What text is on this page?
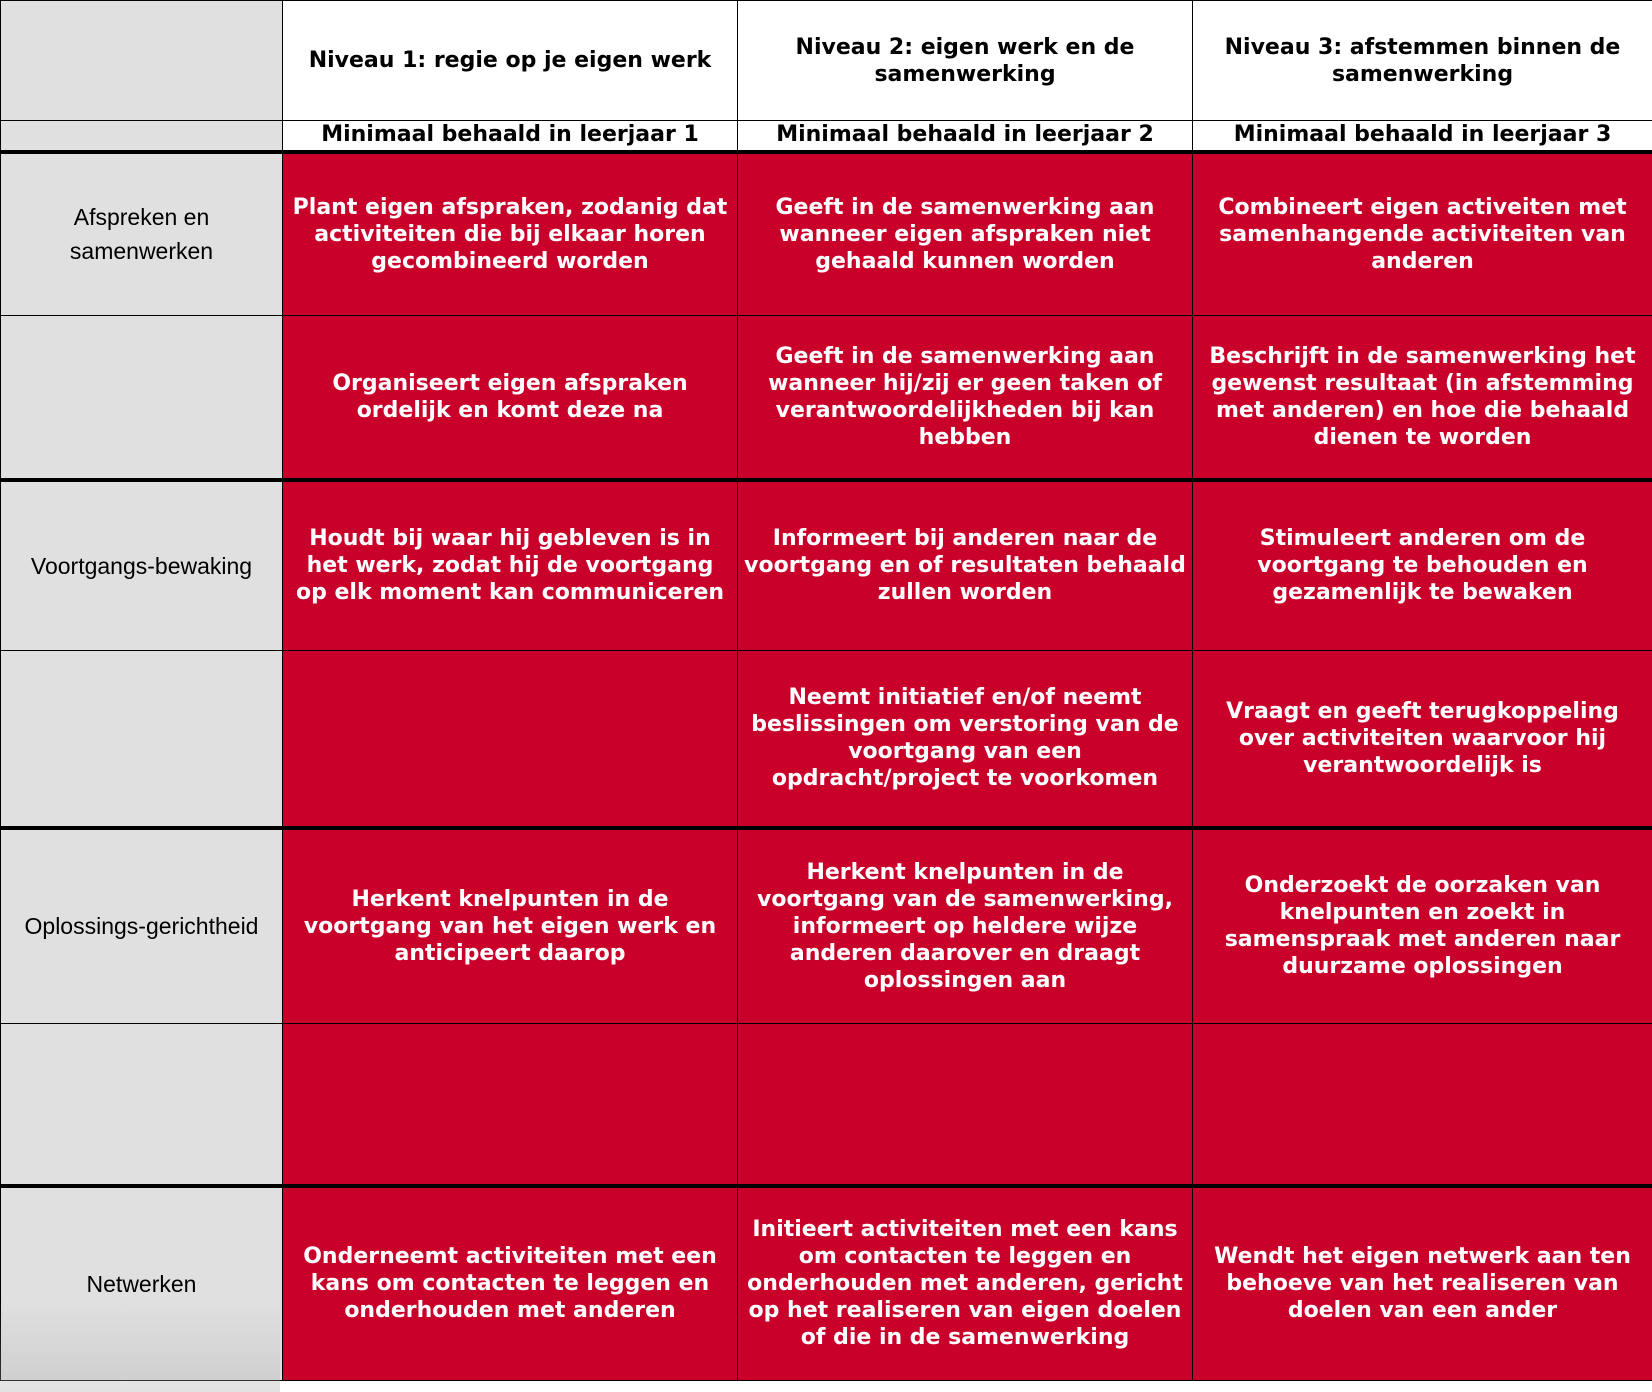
	Niveau 1: regie op je eigen werk	Niveau 2: eigen werk en de samenwerking	Niveau 3: afstemmen binnen de samenwerking
	Minimaal behaald in leerjaar 1	Minimaal behaald in leerjaar 2	Minimaal behaald in leerjaar 3
Afspreken en samenwerken	Plant eigen afspraken, zodanig dat activiteiten die bij elkaar horen gecombineerd worden	Geeft in de samenwerking aan wanneer eigen afspraken niet gehaald kunnen worden	Combineert eigen activeiten met samenhangende activiteiten van anderen
	Organiseert eigen afspraken ordelijk en komt deze na	Geeft in de samenwerking aan wanneer hij/zij er geen taken of verantwoordelijkheden bij kan hebben	Beschrijft in de samenwerking het gewenst resultaat (in afstemming met anderen) en hoe die behaald dienen te worden
Voortgangs-bewaking	Houdt bij waar hij gebleven is in het werk, zodat hij de voortgang op elk moment kan communiceren	Informeert bij anderen naar de voortgang en of resultaten behaald zullen worden	Stimuleert anderen om de voortgang te behouden en gezamenlijk te bewaken
		Neemt initiatief en/of neemt beslissingen om verstoring van de voortgang van een opdracht/project te voorkomen	Vraagt en geeft terugkoppeling over activiteiten waarvoor hij verantwoordelijk is
Oplossings-gerichtheid	Herkent knelpunten in de voortgang van het eigen werk en anticipeert daarop	Herkent knelpunten in de voortgang van de samenwerking, informeert op heldere wijze anderen daarover en draagt oplossingen aan	Onderzoekt de oorzaken van knelpunten en zoekt in samenspraak met anderen naar duurzame oplossingen

Netwerken	Onderneemt activiteiten met een kans om contacten te leggen en onderhouden met anderen	Initieert activiteiten met een kans om contacten te leggen en onderhouden met anderen, gericht op het realiseren van eigen doelen of die in de samenwerking	Wendt het eigen netwerk aan ten behoeve van het realiseren van doelen van een ander
